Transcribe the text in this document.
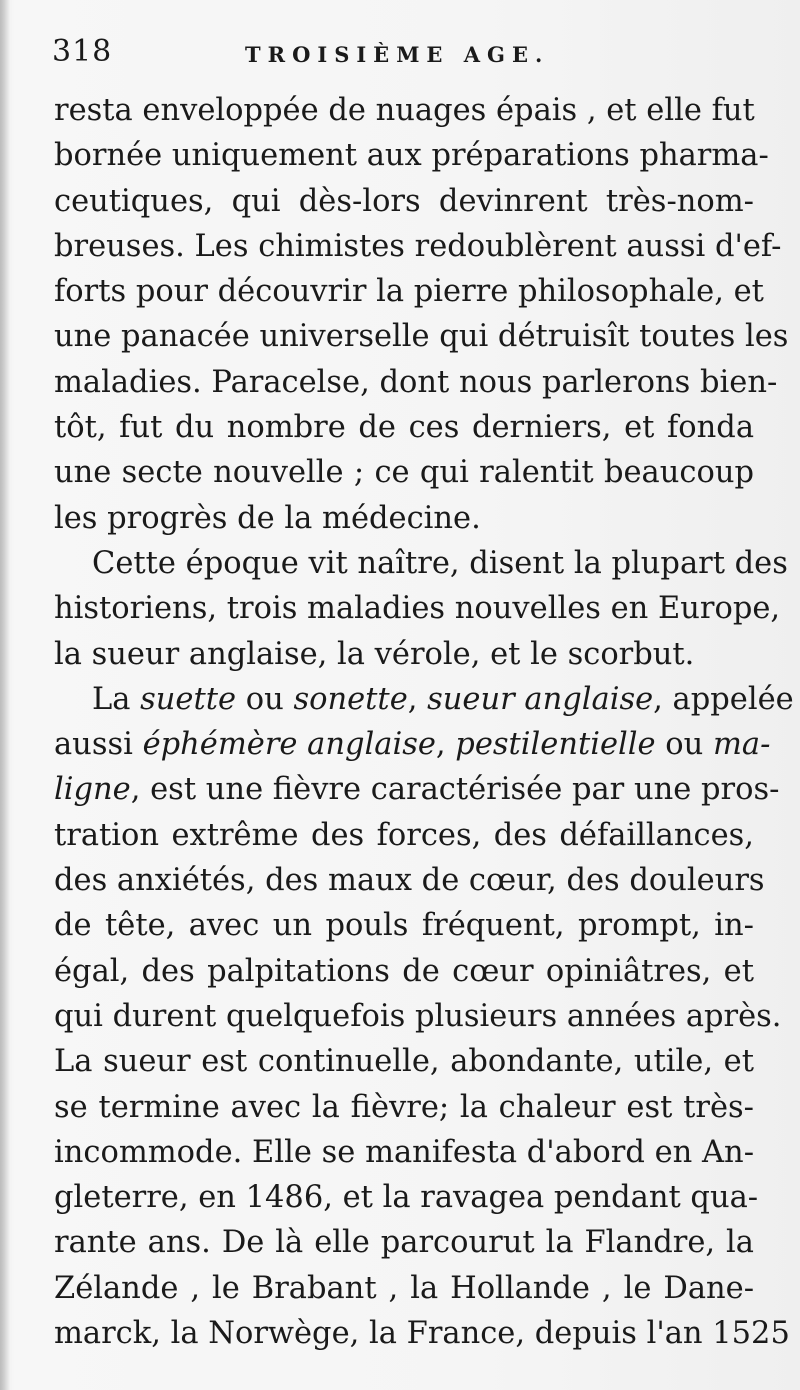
318	TROISIÈME AGE.
resta enveloppée de nuages épais , et elle fut
bornée uniquement aux préparations pharma-
ceutiques, qui dès-lors devinrent très-nom-
breuses. Les chimistes redoublèrent aussi d'ef-
forts pour découvrir la pierre philosophale, et
une panacée universelle qui détruisît toutes les
maladies. Paracelse, dont nous parlerons bien-
tôt, fut du nombre de ces derniers, et fonda
une secte nouvelle ; ce qui ralentit beaucoup
les progrès de la médecine.
Cette époque vit naître, disent la plupart des
historiens, trois maladies nouvelles en Europe,
la sueur anglaise, la vérole, et le scorbut.
La suette ou sonette, sueur anglaise, appelée
aussi éphémère anglaise, pestilentielle ou ma-
ligne, est une fièvre caractérisée par une pros-
tration extrême des forces, des défaillances,
des anxiétés, des maux de cœur, des douleurs
de tête, avec un pouls fréquent, prompt, in-
égal, des palpitations de cœur opiniâtres, et
qui durent quelquefois plusieurs années après.
La sueur est continuelle, abondante, utile, et
se termine avec la fièvre; la chaleur est très-
incommode. Elle se manifesta d'abord en An-
gleterre, en 1486, et la ravagea pendant qua-
rante ans. De là elle parcourut la Flandre, la
Zélande , le Brabant , la Hollande , le Dane-
marck, la Norwège, la France, depuis l'an 1525
